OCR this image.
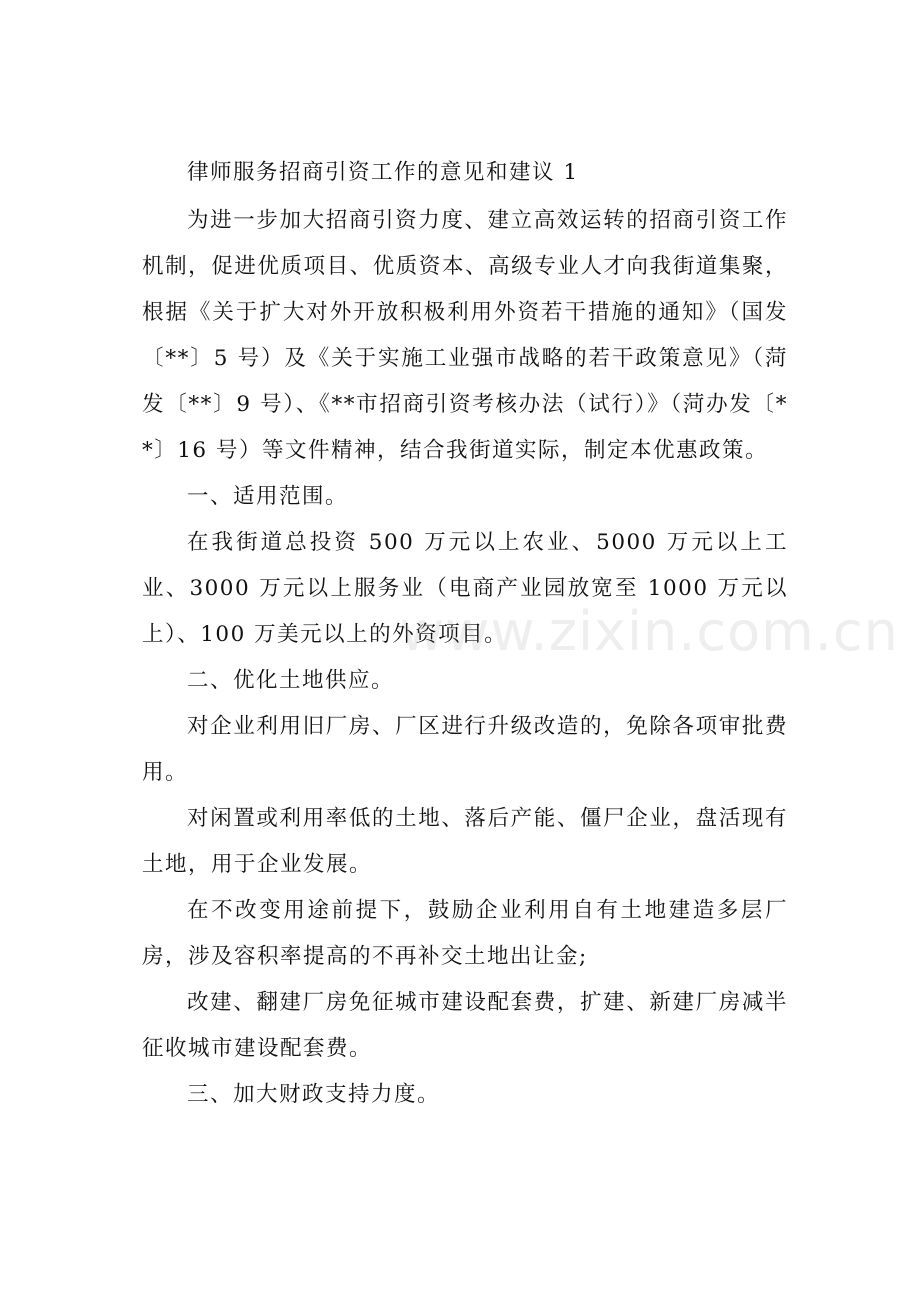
律师服务招商引资工作的意见和建议 1

为进一步加大招商引资力度、建立高效运转的招商引资工作机制，促进优质项目、优质资本、高级专业人才向我街道集聚，根据《关于扩大对外开放积极利用外资若干措施的通知》（国发〔**〕5 号）及《关于实施工业强市战略的若干政策意见》（菏发〔**〕9 号）、《**市招商引资考核办法（试行）》（菏办发〔**〕16 号）等文件精神，结合我街道实际，制定本优惠政策。

一、适用范围。

在我街道总投资 500 万元以上农业、5000 万元以上工业、3000 万元以上服务业（电商产业园放宽至 1000 万元以上）、100 万美元以上的外资项目。

二、优化土地供应。

对企业利用旧厂房、厂区进行升级改造的，免除各项审批费用。

对闲置或利用率低的土地、落后产能、僵尸企业，盘活现有土地，用于企业发展。

在不改变用途前提下，鼓励企业利用自有土地建造多层厂房，涉及容积率提高的不再补交土地出让金;

改建、翻建厂房免征城市建设配套费，扩建、新建厂房减半征收城市建设配套费。

三、加大财政支持力度。

www.zixin.com.cn
